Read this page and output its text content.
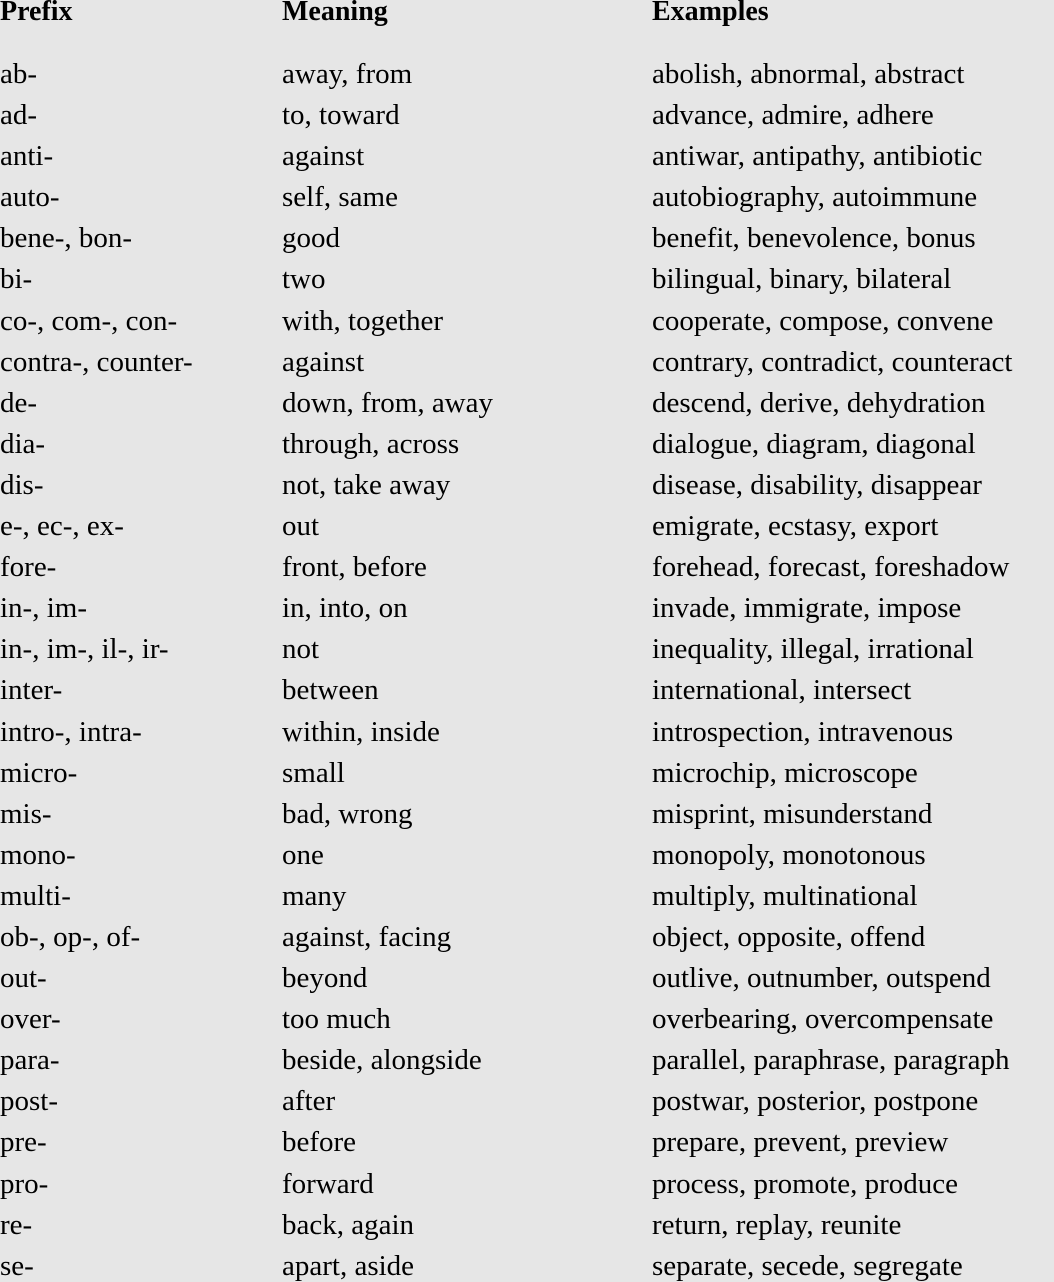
Prefix	Meaning	Examples
ab-	away, from	abolish, abnormal, abstract
ad-	to, toward	advance, admire, adhere
anti-	against	antiwar, antipathy, antibiotic
auto-	self, same	autobiography, autoimmune
bene-, bon-	good	benefit, benevolence, bonus
bi-	two	bilingual, binary, bilateral
co-, com-, con-	with, together	cooperate, compose, convene
contra-, counter-	against	contrary, contradict, counteract
de-	down, from, away	descend, derive, dehydration
dia-	through, across	dialogue, diagram, diagonal
dis-	not, take away	disease, disability, disappear
e-, ec-, ex-	out	emigrate, ecstasy, export
fore-	front, before	forehead, forecast, foreshadow
in-, im-	in, into, on	invade, immigrate, impose
in-, im-, il-, ir-	not	inequality, illegal, irrational
inter-	between	international, intersect
intro-, intra-	within, inside	introspection, intravenous
micro-	small	microchip, microscope
mis-	bad, wrong	misprint, misunderstand
mono-	one	monopoly, monotonous
multi-	many	multiply, multinational
ob-, op-, of-	against, facing	object, opposite, offend
out-	beyond	outlive, outnumber, outspend
over-	too much	overbearing, overcompensate
para-	beside, alongside	parallel, paraphrase, paragraph
post-	after	postwar, posterior, postpone
pre-	before	prepare, prevent, preview
pro-	forward	process, promote, produce
re-	back, again	return, replay, reunite
se-	apart, aside	separate, secede, segregate
